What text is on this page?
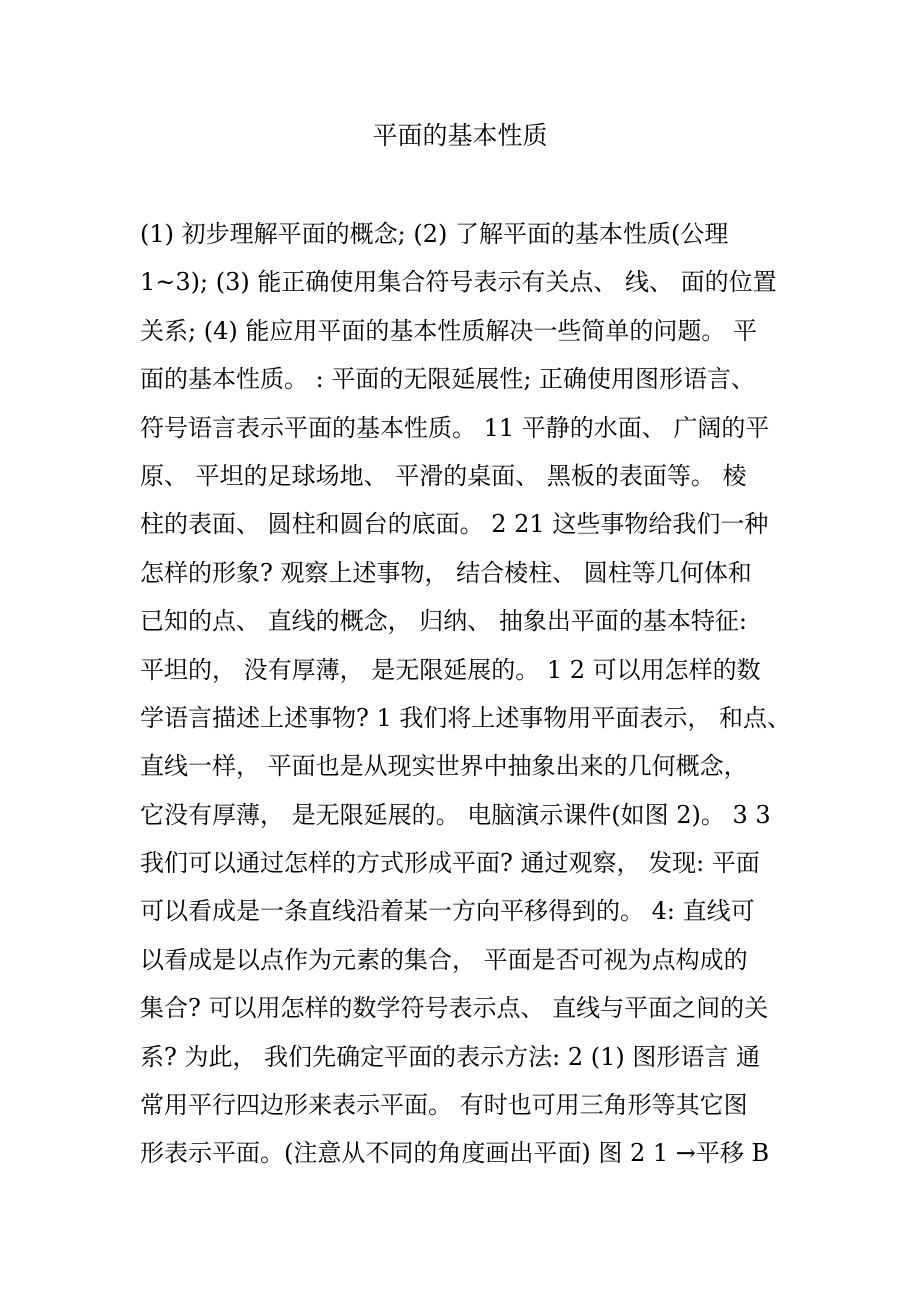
平面的基本性质
(1) 初步理解平面的概念; (2) 了解平面的基本性质(公理
1~3); (3) 能正确使用集合符号表示有关点、 线、 面的位置
关系; (4) 能应用平面的基本性质解决一些简单的问题。 平
面的基本性质。 : 平面的无限延展性; 正确使用图形语言、
符号语言表示平面的基本性质。 11 平静的水面、 广阔的平
原、 平坦的足球场地、 平滑的桌面、 黑板的表面等。 棱
柱的表面、 圆柱和圆台的底面。 2 21 这些事物给我们一种
怎样的形象? 观察上述事物， 结合棱柱、 圆柱等几何体和
已知的点、 直线的概念， 归纳、 抽象出平面的基本特征:
平坦的， 没有厚薄， 是无限延展的。 1 2 可以用怎样的数
学语言描述上述事物? 1 我们将上述事物用平面表示， 和点、
直线一样， 平面也是从现实世界中抽象出来的几何概念，
它没有厚薄， 是无限延展的。 电脑演示课件(如图 2)。 3 3
我们可以通过怎样的方式形成平面? 通过观察， 发现: 平面
可以看成是一条直线沿着某一方向平移得到的。 4: 直线可
以看成是以点作为元素的集合， 平面是否可视为点构成的
集合? 可以用怎样的数学符号表示点、 直线与平面之间的关
系? 为此， 我们先确定平面的表示方法: 2 (1) 图形语言 通
常用平行四边形来表示平面。 有时也可用三角形等其它图
形表示平面。(注意从不同的角度画出平面) 图 2 1 →平移 B
